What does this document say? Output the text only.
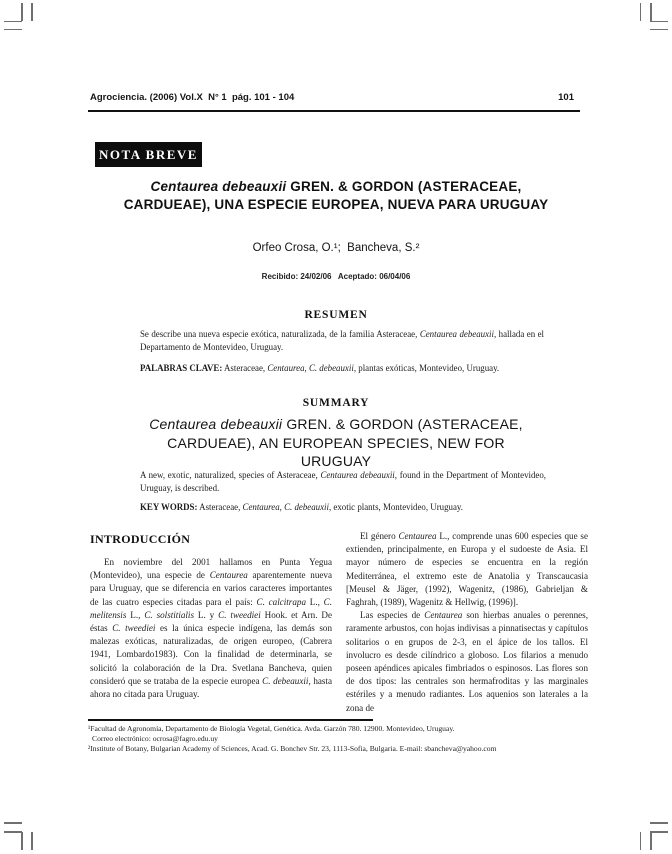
Agrociencia. (2006) Vol.X  N° 1  pág. 101 - 104	101
NOTA BREVE
Centaurea debeauxii GREN. & GORDON (ASTERACEAE,
CARDUEAE), UNA ESPECIE EUROPEA, NUEVA PARA URUGUAY
Orfeo Crosa, O.¹;  Bancheva, S.²
Recibido: 24/02/06   Aceptado: 06/04/06
RESUMEN

Se describe una nueva especie exótica, naturalizada, de la familia Asteraceae, Centaurea debeauxii, hallada en el Departamento de Montevideo, Uruguay.

PALABRAS CLAVE: Asteraceae, Centaurea, C. debeauxii, plantas exóticas, Montevideo, Uruguay.

SUMMARY
Centaurea debeauxii GREN. & GORDON (ASTERACEAE,
CARDUEAE), AN EUROPEAN SPECIES, NEW FOR
URUGUAY

A new, exotic, naturalized, species of Asteraceae, Centaurea debeauxii, found in the Department of Montevideo, Uruguay, is described.

KEY WORDS: Asteraceae, Centaurea, C. debeauxii, exotic plants, Montevideo, Uruguay.

INTRODUCCIÓN

En noviembre del 2001 hallamos en Punta Yegua (Montevideo), una especie de Centaurea aparentemente nueva para Uruguay, que se diferencia en varios caracteres importantes de las cuatro especies citadas para el país: C. calcitrapa L., C. melitensis L., C. solstitialis L. y C. tweediei Hook. et Arn. De éstas C. tweediei es la única especie indígena, las demás son malezas exóticas, naturalizadas, de origen europeo, (Cabrera 1941, Lombardo1983). Con la finalidad de determinarla, se solicitó la colaboración de la Dra. Svetlana Bancheva, quien consideró que se trataba de la especie europea C. debeauxii, hasta ahora no citada para Uruguay.

El género Centaurea L., comprende unas 600 especies que se extienden, principalmente, en Europa y el sudoeste de Asia. El mayor número de especies se encuentra en la región Mediterránea, el extremo este de Anatolia y Transcaucasia [Meusel & Jäger, (1992), Wagenitz, (1986), Gabrieljan & Faghrah, (1989), Wagenitz & Hellwig, (1996)].

Las especies de Centaurea son hierbas anuales o perennes, raramente arbustos, con hojas indivisas a pinnatisectas y capítulos solitarios o en grupos de 2-3, en el ápice de los tallos. El involucro es desde cilíndrico a globoso. Los filarios a menudo poseen apéndices apicales fimbriados o espinosos. Las flores son de dos tipos: las centrales son hermafroditas y las marginales estériles y a menudo radiantes. Los aquenios son laterales a la zona de

¹Facultad de Agronomía, Departamento de Biología Vegetal, Genética. Avda. Garzón 780. 12900. Montevideo, Uruguay.

Correo electrónico: ocrosa@fagro.edu.uy

²Institute of Botany, Bulgarian Academy of Sciences, Acad. G. Bonchev Str. 23, 1113-Sofia, Bulgaria. E-mail: sbancheva@yahoo.com
